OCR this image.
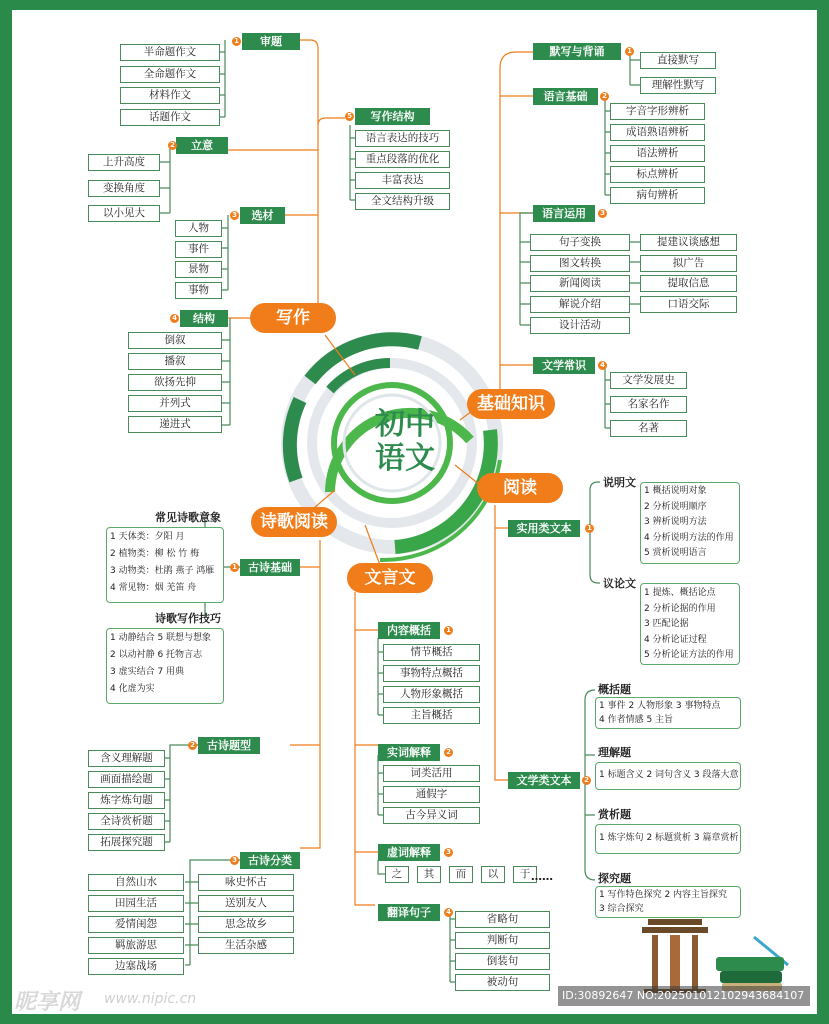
审题
1
半命题作文
全命题作文
材料作文
话题作文
立意
2
上升高度
变换角度
以小见大	选材
3
人物
事件
景物
事物
结构
4
倒叙
播叙
欲扬先抑
并列式
递进式
写作结构
5
语言表达的技巧
重点段落的优化
丰富表达
全文结构升级
默写与背诵	1
直接默写
理解性默写
语言基础	2
字音字形辨析
成语熟语辨析
语法辨析
标点辨析
病句辨析
语言运用	3
句子变换
图文转换
新闻阅读
解说介绍
设计活动
提建议谈感想
拟广告
提取信息
口语交际
文学常识	4
文学发展史
名家名作
名著
实用类文本	1
说明文
1 概括说明对象
2 分析说明顺序
3 辨析说明方法
4 分析说明方法的作用
5 赏析说明语言
议论文
1 提炼、概括论点
2 分析论据的作用
3 匹配论据
4 分析论证过程
5 分析论证方法的作用
文学类文本	2
概括题
1 事件 2 人物形象 3 事物特点
4 作者情感 5 主旨
理解题
1 标题含义 2 词句含义 3 段落大意
赏析题
1 炼字炼句 2 标题赏析 3 篇章赏析
探究题
1 写作特色探究 2 内容主旨探究
3 综合探究
内容概括	1
情节概括
事物特点概括
人物形象概括
主旨概括
实词解释	2
词类活用
通假字
古今异义词
虚词解释	3
之	其	而	以	于 ……
翻译句子	4
省略句
判断句
倒装句
被动句
古诗基础
1
常见诗歌意象
1 天体类：夕阳 月
2 植物类：柳 松 竹 梅
3 动物类：杜鹃 燕子 鸿雁
4 常见物：烟 羌笛 舟
诗歌写作技巧
1 动静结合 5 联想与想象
2 以动衬静 6 托物言志
3 虚实结合 7 用典
4 化虚为实
古诗题型
2
含义理解题
画面描绘题
炼字炼句题
全诗赏析题
拓展探究题
古诗分类
3
自然山水
田园生活
爱情闺怨
羁旅游思
边塞战场
咏史怀古
送别友人
思念故乡
生活杂感
初中
语文
写作
基础知识
阅读
文言文
诗歌阅读
昵享网 www.nipic.cn	ID:30892647 NO:20250101210294368410​7
